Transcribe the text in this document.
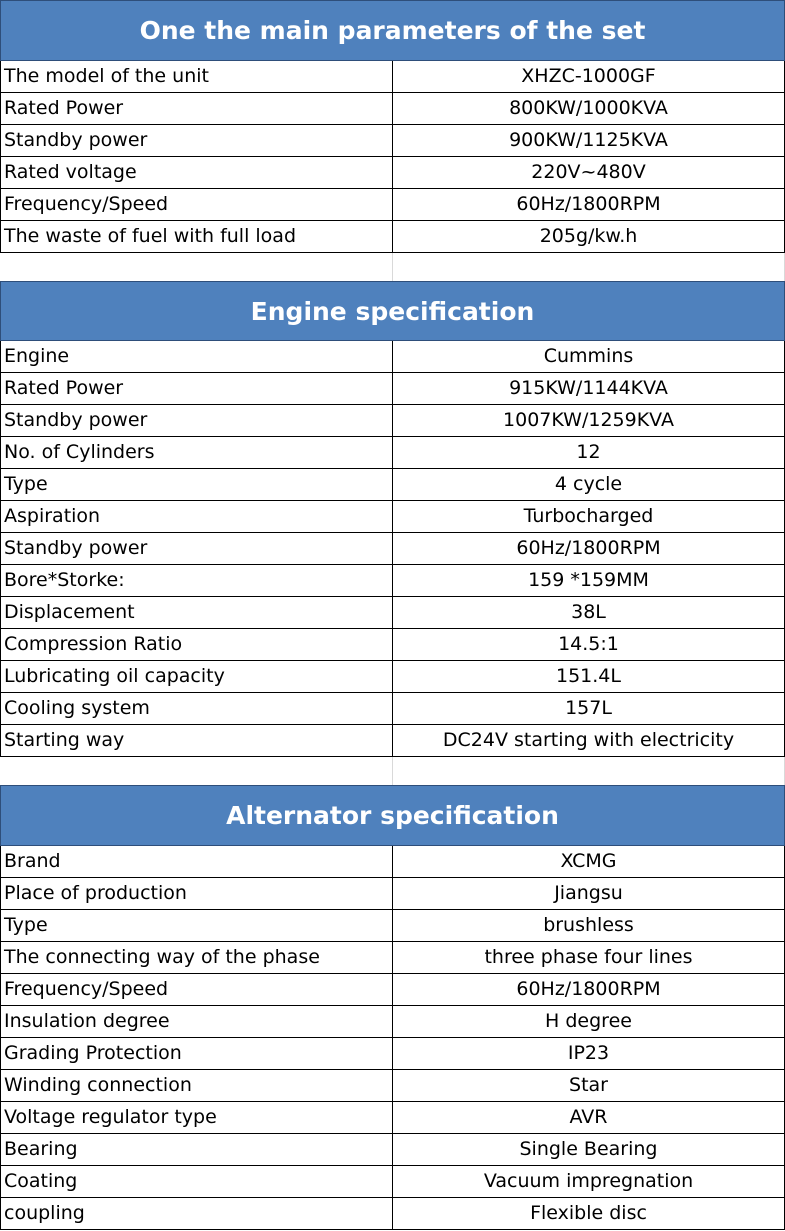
One the main parameters of the set
The model of the unit	XHZC-1000GF
Rated Power	800KW/1000KVA
Standby power	900KW/1125KVA
Rated voltage	220V~480V
Frequency/Speed	60Hz/1800RPM
The waste of fuel with full load	205g/kw.h
Engine specification
Engine	Cummins
Rated Power	915KW/1144KVA
Standby power	1007KW/1259KVA
No. of Cylinders	12
Type	4 cycle
Aspiration	Turbocharged
Standby power	60Hz/1800RPM
Bore*Storke:	159 *159MM
Displacement	38L
Compression Ratio	14.5:1
Lubricating oil capacity	151.4L
Cooling system	157L
Starting way	DC24V starting with electricity
Alternator specification
Brand	XCMG
Place of production	Jiangsu
Type	brushless
The connecting way of the phase	three phase four lines
Frequency/Speed	60Hz/1800RPM
Insulation degree	H degree
Grading Protection	IP23
Winding connection	Star
Voltage regulator type	AVR
Bearing	Single Bearing
Coating	Vacuum impregnation
coupling	Flexible disc
